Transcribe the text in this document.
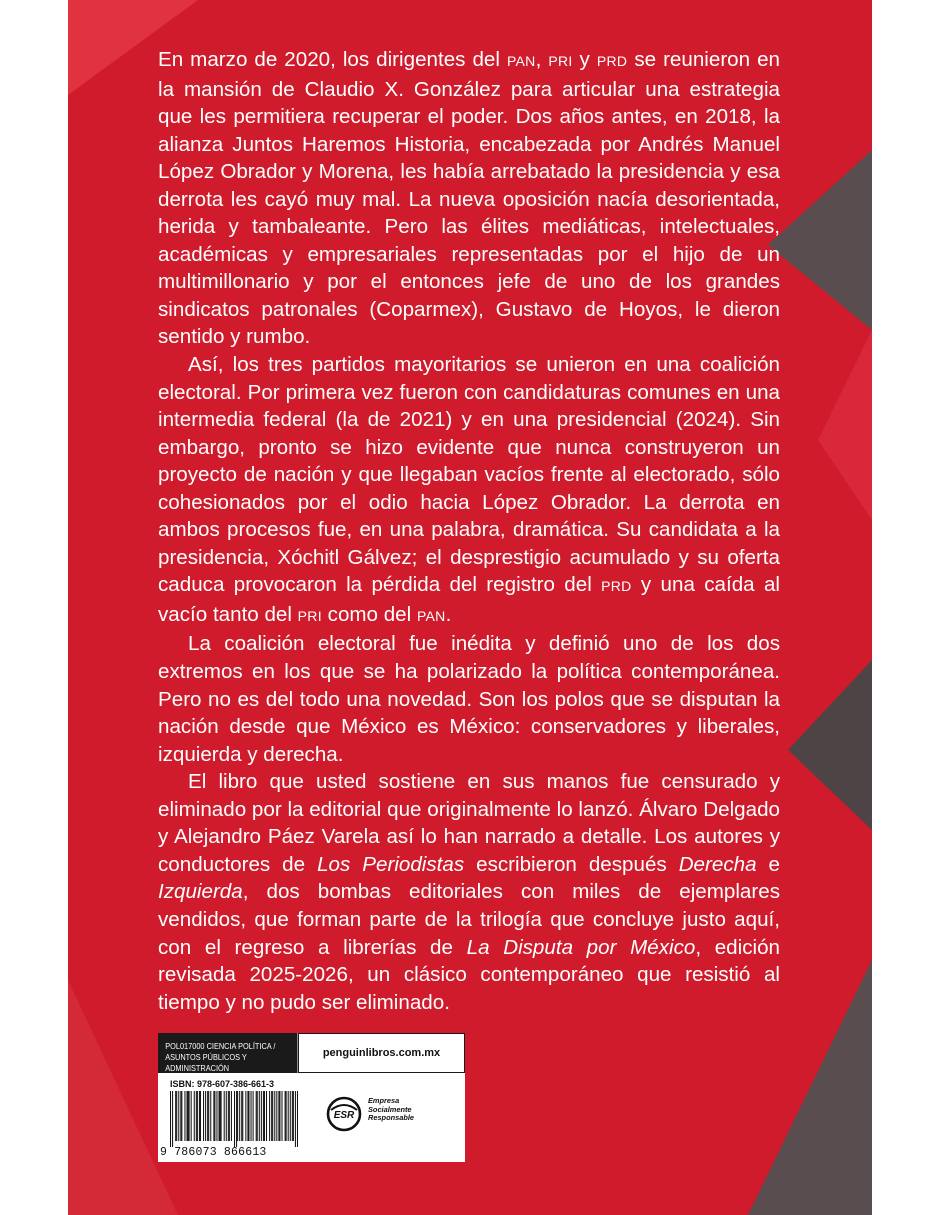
En marzo de 2020, los dirigentes del PAN, PRI y PRD se reunieron en la mansión de Claudio X. González para articular una estrategia que les permitiera recuperar el poder. Dos años antes, en 2018, la alianza Juntos Haremos Historia, encabezada por Andrés Manuel López Obrador y Morena, les había arrebatado la presidencia y esa derrota les cayó muy mal. La nueva oposición nacía desorientada, herida y tambaleante. Pero las élites mediáticas, intelectuales, académicas y empresariales representadas por el hijo de un multimillonario y por el entonces jefe de uno de los grandes sindicatos patronales (Coparmex), Gustavo de Hoyos, le dieron sentido y rumbo.

Así, los tres partidos mayoritarios se unieron en una coalición electoral. Por primera vez fueron con candidaturas comunes en una intermedia federal (la de 2021) y en una presidencial (2024). Sin embargo, pronto se hizo evidente que nunca construyeron un proyecto de nación y que llegaban vacíos frente al electorado, sólo cohesionados por el odio hacia López Obrador. La derrota en ambos procesos fue, en una palabra, dramática. Su candidata a la presidencia, Xóchitl Gálvez; el desprestigio acumulado y su oferta caduca provocaron la pérdida del registro del PRD y una caída al vacío tanto del PRI como del PAN.

La coalición electoral fue inédita y definió uno de los dos extremos en los que se ha polarizado la política contemporánea. Pero no es del todo una novedad. Son los polos que se disputan la nación desde que México es México: conservadores y liberales, izquierda y derecha.

El libro que usted sostiene en sus manos fue censurado y eliminado por la editorial que originalmente lo lanzó. Álvaro Delgado y Alejandro Páez Varela así lo han narrado a detalle. Los autores y conductores de Los Periodistas escribieron después Derecha e Izquierda, dos bombas editoriales con miles de ejemplares vendidos, que forman parte de la trilogía que concluye justo aquí, con el regreso a librerías de La Disputa por México, edición revisada 2025-2026, un clásico contemporáneo que resistió al tiempo y no pudo ser eliminado.

POL017000 CIENCIA POLÍTICA /
ASUNTOS PÚBLICOS Y ADMINISTRACIÓN
penguinlibros.com.mx
ISBN: 978-607-386-661-3
9 786073 866613
ESR
Empresa
Socialmente
Responsable
